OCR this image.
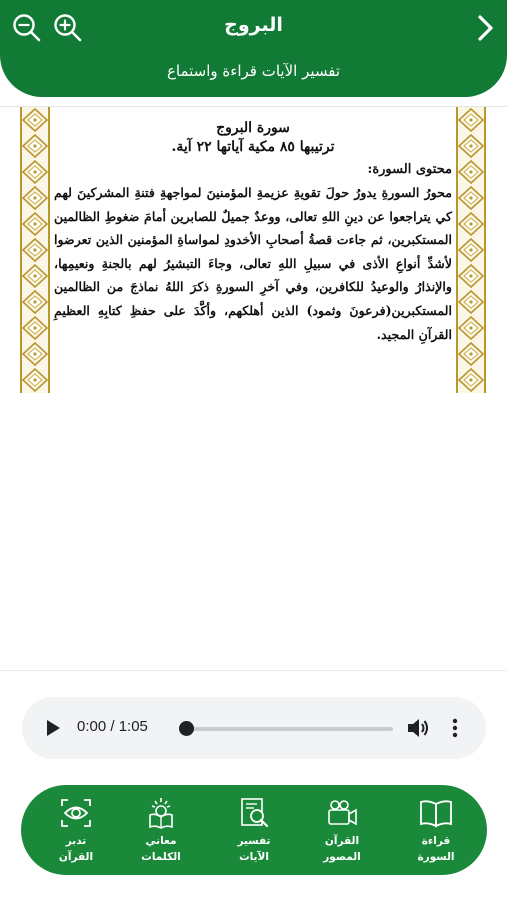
البروج
تفسير الآيات قراءة واستماع
سورة البروج
ترتيبها ٨٥ مكية آياتها ٢٢ آية.
محتوى السورة:
محورُ السورةِ يدورُ حولَ تقويةِ عزيمةِ المؤمنينَ لمواجهةِ فتنةِ المشركينَ لهم كي يتراجعوا عن دينِ اللهِ تعالى، ووعدٌ جميلٌ للصابرين أمامَ ضغوطِ الظالمين المستكبرين، ثم جاءت قصةُ أصحابِ الأخدودِ لمواساةِ المؤمنين الذين تعرضوا لأشدِّ أنواعِ الأذى في سبيلِ اللهِ تعالى، وجاءَ التبشيرُ لهم بالجنةِ ونعيمِها، والإنذارُ والوعيدُ للكافرين، وفي آخرِ السورةِ ذكرَ اللهُ نماذجَ من الظالمين المستكبرين(فرعونَ وثمود) الذين أهلكهم، وأكَّدَ على حفظِ كتابِهِ العظيمِ القرآنِ المجيد.
0:00 / 1:05
تدبر
القرآن
معاني
الكلمات
تفسير
الآيات
القرآن
المصور
قراءة
السورة
